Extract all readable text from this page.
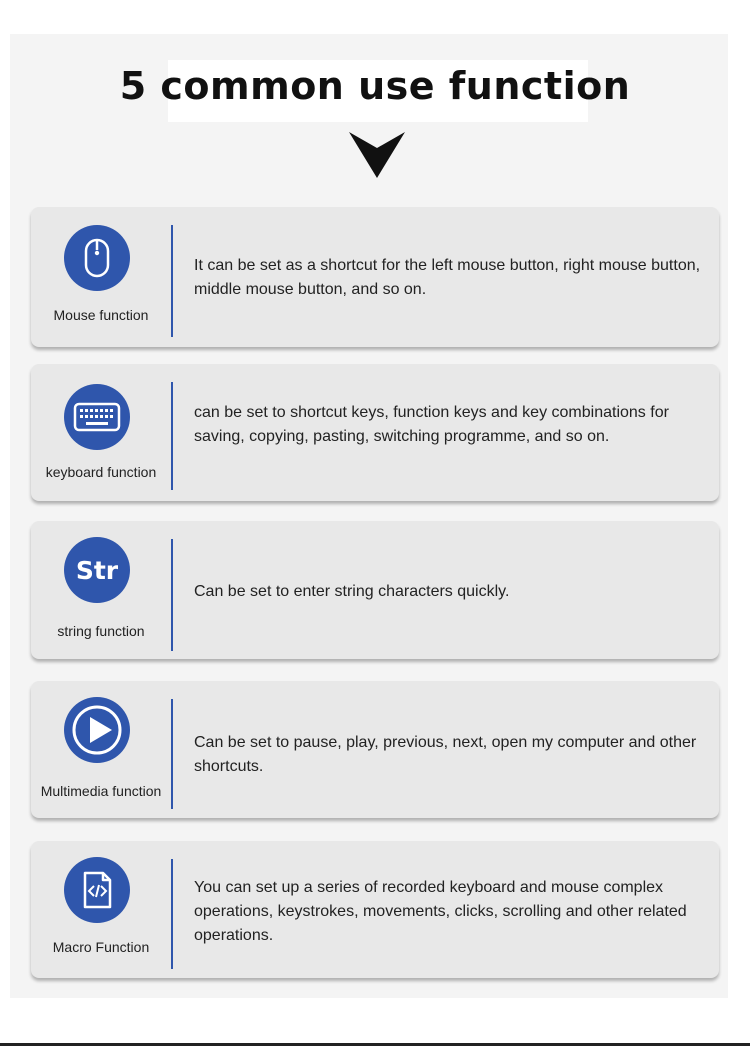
5 common use function
Mouse function
It can be set as a shortcut for the left mouse button, right mouse button, middle mouse button, and so on.
keyboard function
can be set to shortcut keys, function keys and key combinations for saving, copying, pasting, switching programme, and so on.
Str
string function
Can be set to enter string characters quickly.
Multimedia function
Can be set to pause, play, previous, next, open my computer and other shortcuts.
Macro Function
You can set up a series of recorded keyboard and mouse complex operations, keystrokes, movements, clicks, scrolling and other related operations.
